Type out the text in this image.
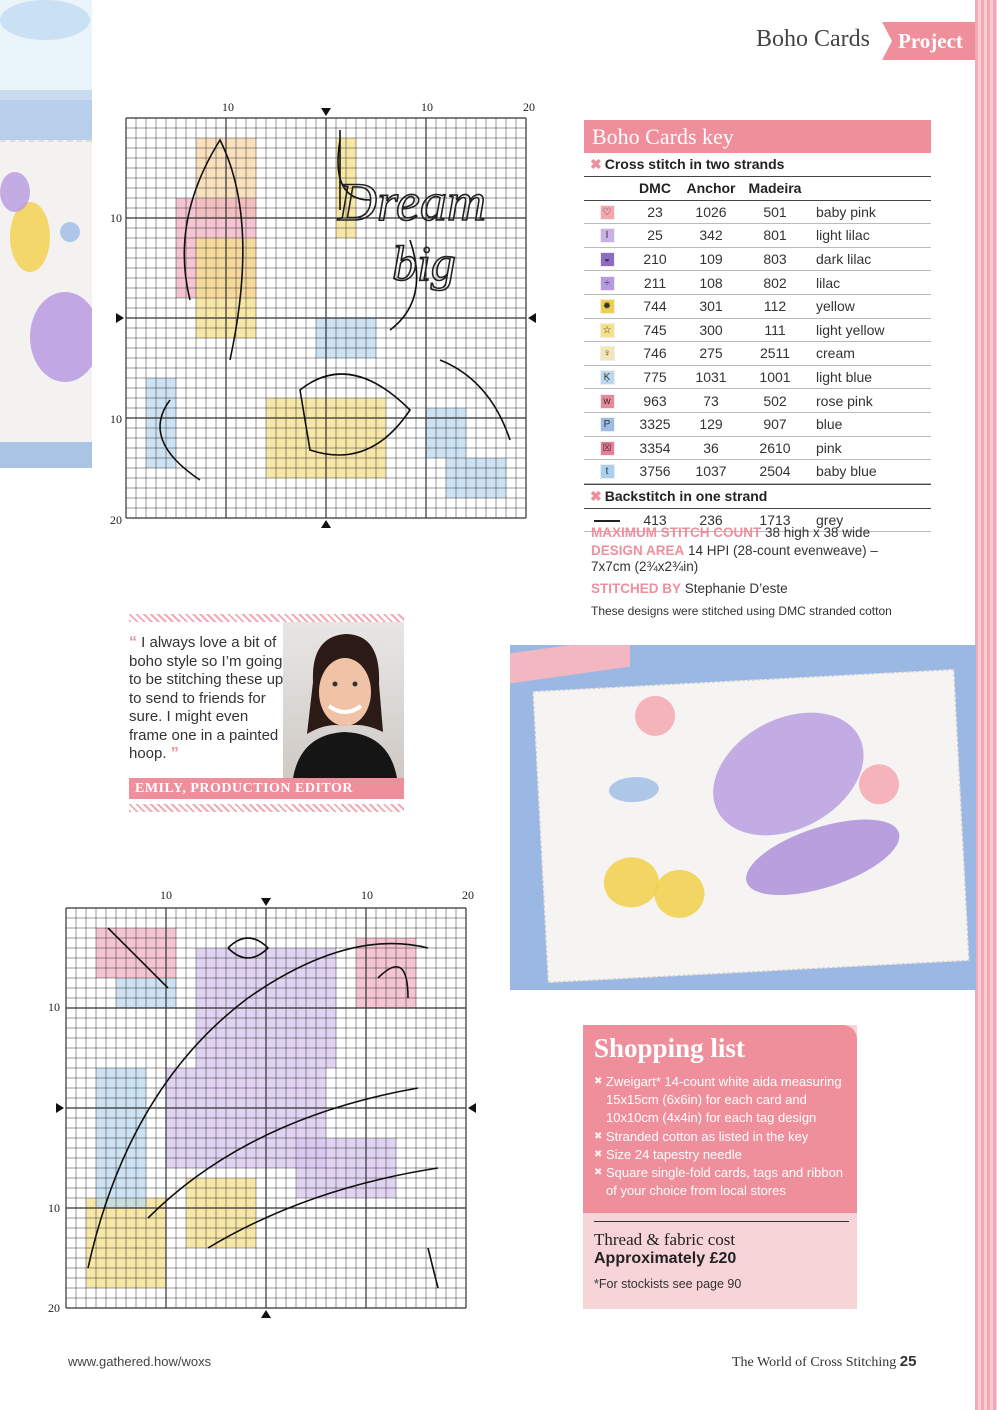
Boho Cards	Project
10	10	20
10
10
20
Dream
big
10	10	20
10
10
20
Boho Cards key
✖ Cross stitch in two strands
	DMC	Anchor	Madeira	
♡	23	1026	501	baby pink
I	25	342	801	light lilac
◒	210	109	803	dark lilac
÷	211	108	802	lilac
✹	744	301	112	yellow
☆	745	300	111	light yellow
♀	746	275	2511	cream
Ķ	775	1031	1001	light blue
w	963	73	502	rose pink
P	3325	129	907	blue
☒	3354	36	2610	pink
t	3756	1037	2504	baby blue
✖ Backstitch in one strand
	413	236	1713	grey
MAXIMUM STITCH COUNT 38 high x 38 wide
DESIGN AREA 14 HPI (28-count evenweave) –
7x7cm (2¾x2¾in)
STITCHED BY Stephanie D’este
These designs were stitched using DMC stranded cotton
“ I always love a bit of boho style so I’m going to be stitching these up to send to friends for sure. I might even frame one in a painted hoop. ”
EMILY, PRODUCTION EDITOR
Shopping list
✖ Zweigart* 14-count white aida measuring 15x15cm (6x6in) for each card and 10x10cm (4x4in) for each tag design
✖ Stranded cotton as listed in the key
✖ Size 24 tapestry needle
✖ Square single-fold cards, tags and ribbon of your choice from local stores
Thread & fabric cost
Approximately £20
*For stockists see page 90
www.gathered.how/woxs	The World of Cross Stitching 25
